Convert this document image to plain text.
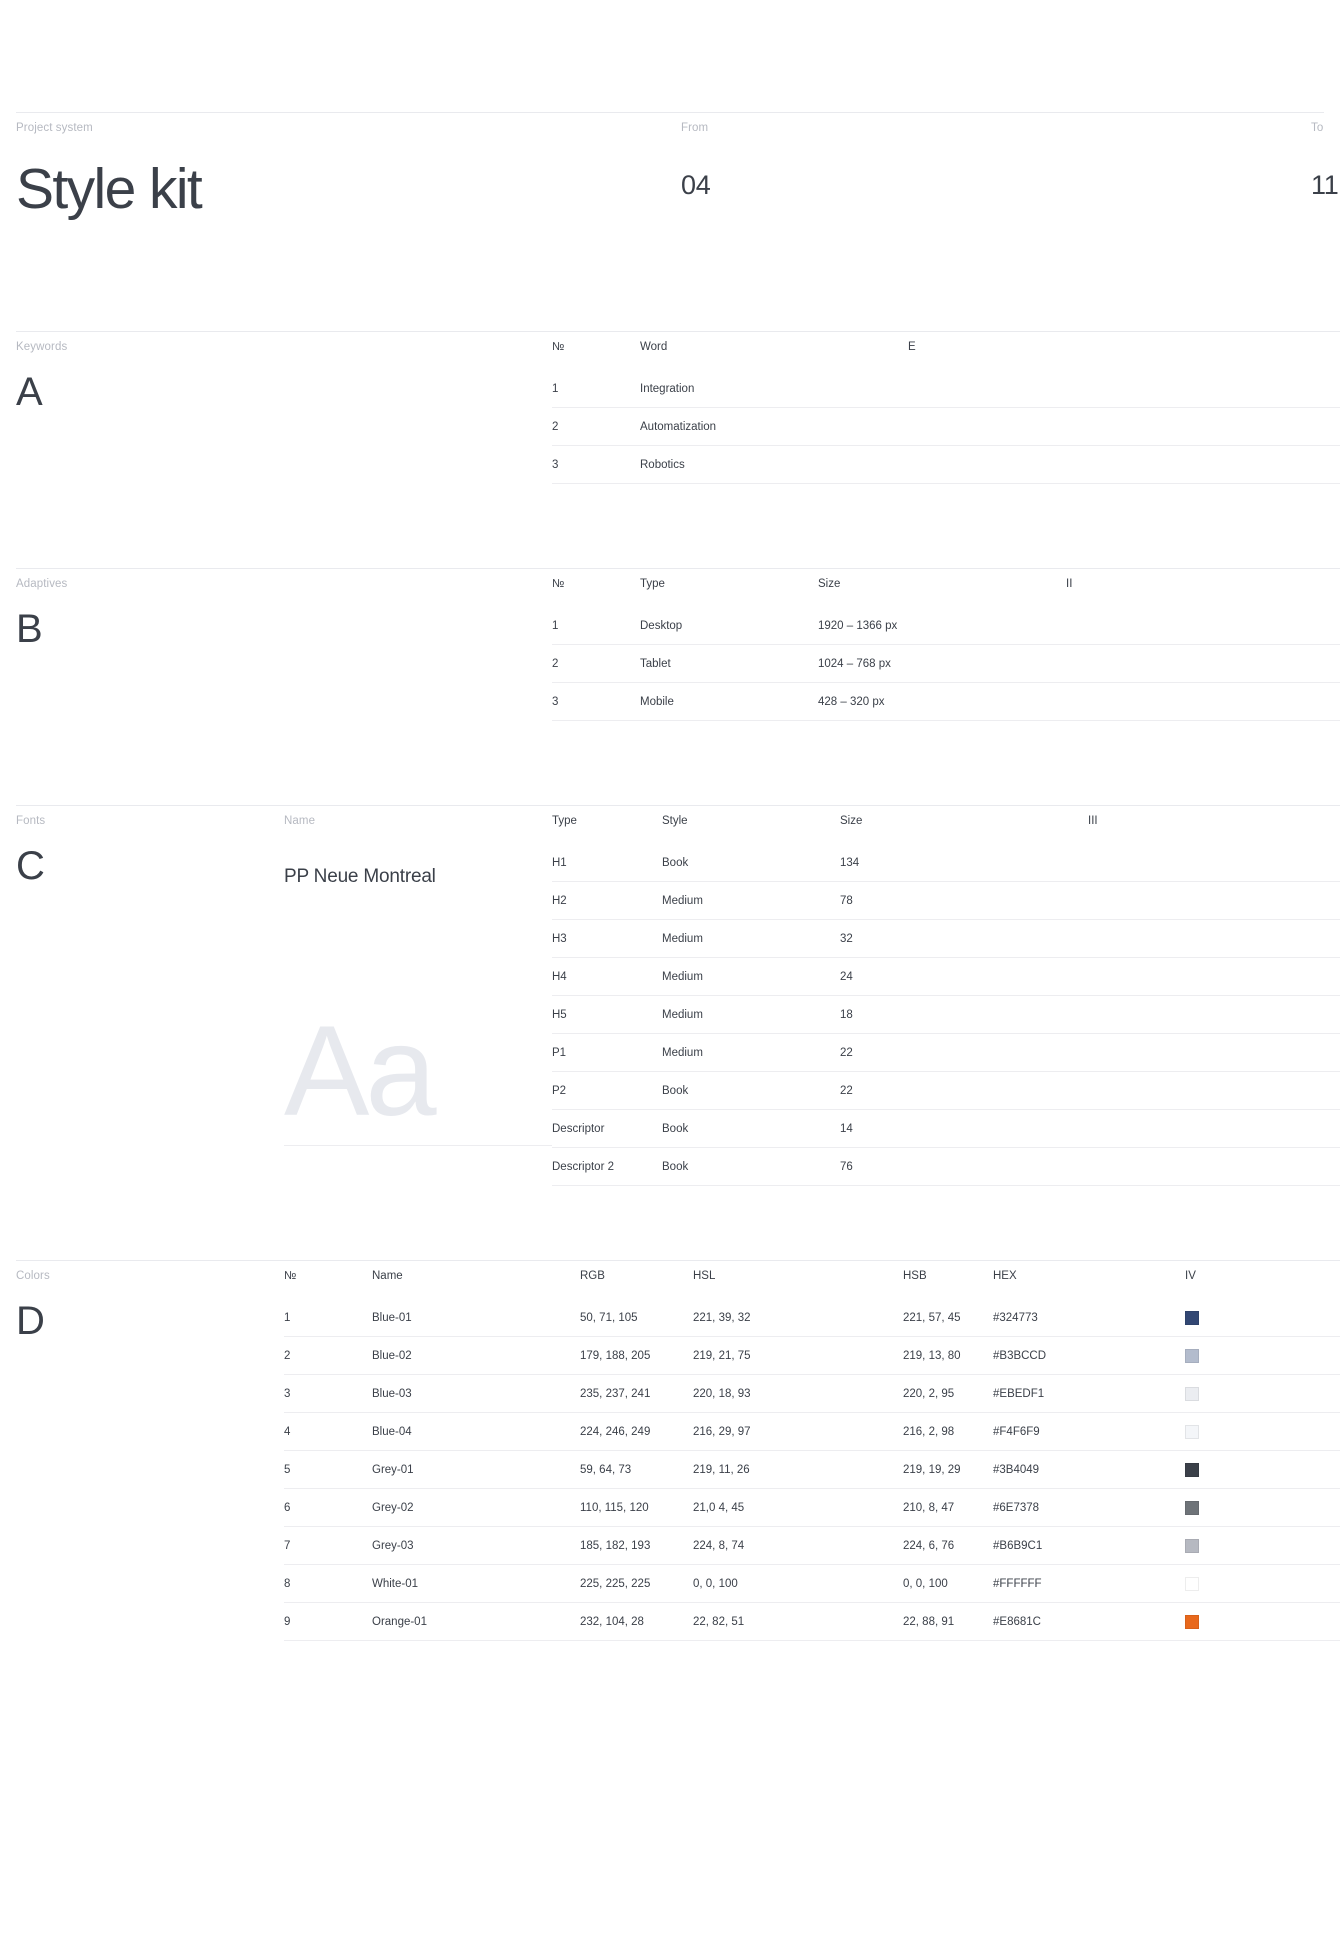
Project system
Style kit
From
04
To
11
Keywords	№	Word	E
A	1	Integration	
2	Automatization	
3	Robotics	
Adaptives	№	Type	Size	II
B	1	Desktop	1920 – 1366 px	
2	Tablet	1024 – 768 px	
3	Mobile	428 – 320 px	
Fonts	Name	Type	Style	Size	III
C	PP Neue Montreal
Aa
H1	Book	134	
H2	Medium	78	
H3	Medium	32	
H4	Medium	24	
H5	Medium	18	
P1	Medium	22	
P2	Book	22	
Descriptor	Book	14	
Descriptor 2	Book	76	
Colors	№	Name	RGB	HSL	HSB	HEX	IV
D	1	Blue-01	50, 71, 105	221, 39, 32	221, 57, 45	#324773	
2	Blue-02	179, 188, 205	219, 21, 75	219, 13, 80	#B3BCCD	
3	Blue-03	235, 237, 241	220, 18, 93	220, 2, 95	#EBEDF1	
4	Blue-04	224, 246, 249	216, 29, 97	216, 2, 98	#F4F6F9	
5	Grey-01	59, 64, 73	219, 11, 26	219, 19, 29	#3B4049	
6	Grey-02	110, 115, 120	21,0 4, 45	210, 8, 47	#6E7378	
7	Grey-03	185, 182, 193	224, 8, 74	224, 6, 76	#B6B9C1	
8	White-01	225, 225, 225	0, 0, 100	0, 0, 100	#FFFFFF	
9	Orange-01	232, 104, 28	22, 82, 51	22, 88, 91	#E8681C	
